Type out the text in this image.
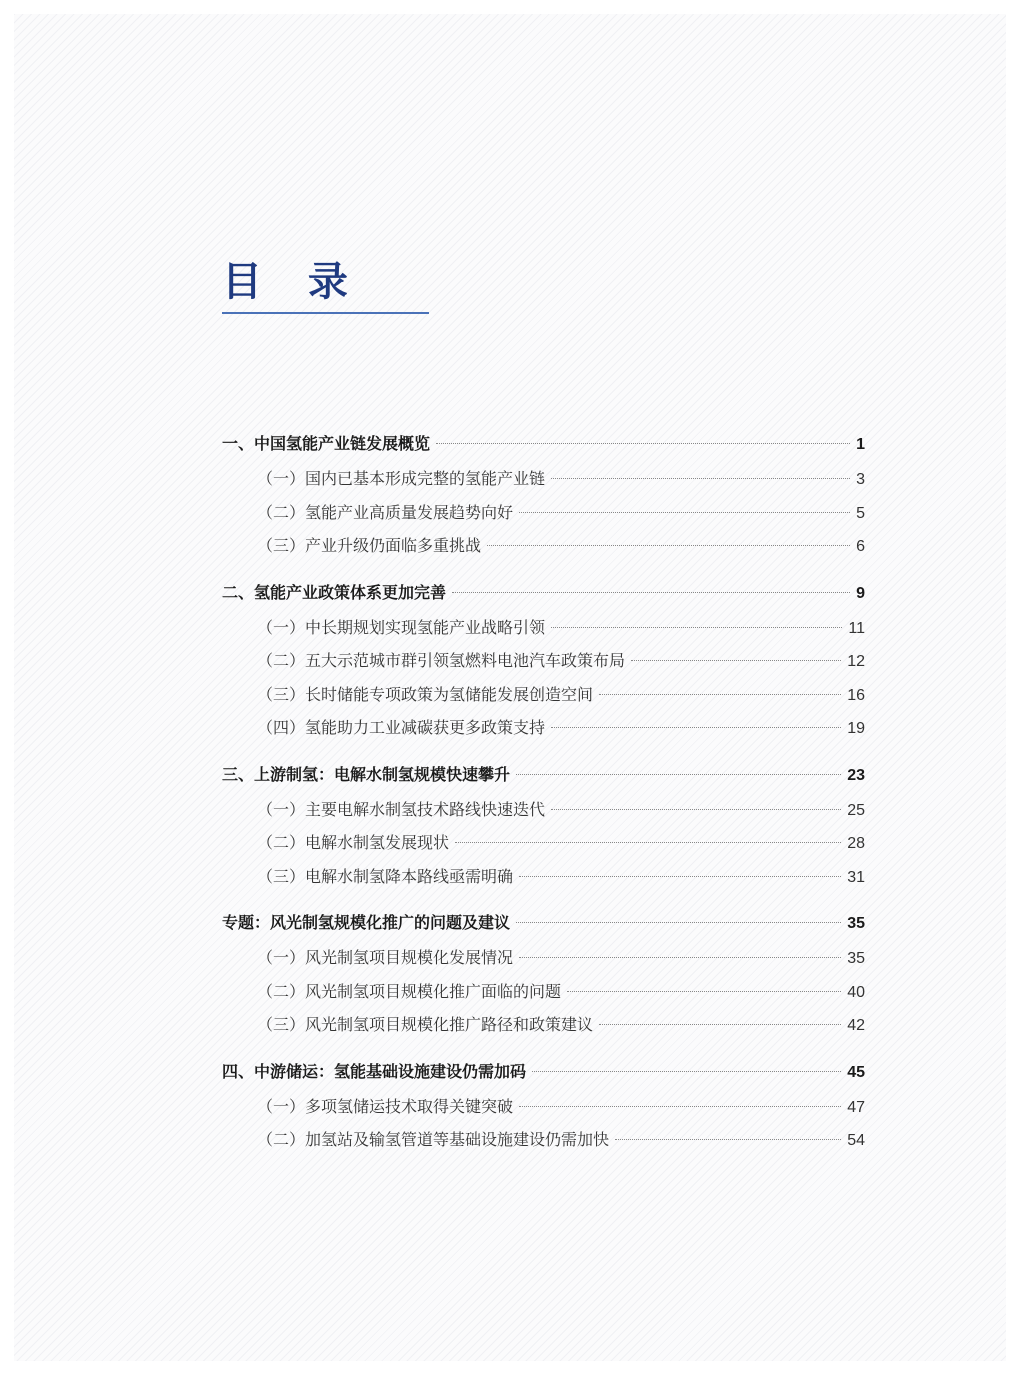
目 录
一、中国氢能产业链发展概览	1
（一）国内已基本形成完整的氢能产业链	3
（二）氢能产业高质量发展趋势向好	5
（三）产业升级仍面临多重挑战	6
二、氢能产业政策体系更加完善	9
（一）中长期规划实现氢能产业战略引领	11
（二）五大示范城市群引领氢燃料电池汽车政策布局	12
（三）长时储能专项政策为氢储能发展创造空间	16
（四）氢能助力工业减碳获更多政策支持	19
三、上游制氢：电解水制氢规模快速攀升	23
（一）主要电解水制氢技术路线快速迭代	25
（二）电解水制氢发展现状	28
（三）电解水制氢降本路线亟需明确	31
专题：风光制氢规模化推广的问题及建议	35
（一）风光制氢项目规模化发展情况	35
（二）风光制氢项目规模化推广面临的问题	40
（三）风光制氢项目规模化推广路径和政策建议	42
四、中游储运：氢能基础设施建设仍需加码	45
（一）多项氢储运技术取得关键突破	47
（二）加氢站及输氢管道等基础设施建设仍需加快	54
